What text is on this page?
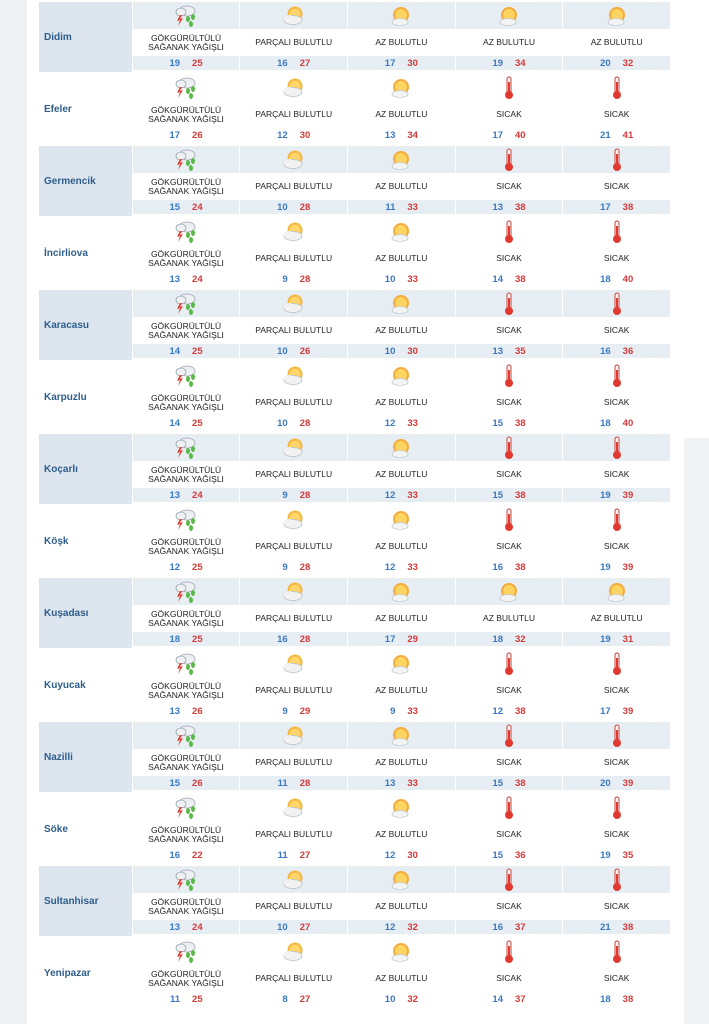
Didim	GÖKGÜRÜLTÜLÜ SAĞANAK YAĞIŞLI
19 25
PARÇALI BULUTLU
16 27
AZ BULUTLU
17 30
AZ BULUTLU
19 34
AZ BULUTLU
20 32
Efeler	GÖKGÜRÜLTÜLÜ SAĞANAK YAĞIŞLI
17 26
PARÇALI BULUTLU
12 30
AZ BULUTLU
13 34
SICAK
17 40
SICAK
21 41
Germencik	GÖKGÜRÜLTÜLÜ SAĞANAK YAĞIŞLI
15 24
PARÇALI BULUTLU
10 28
AZ BULUTLU
11 33
SICAK
13 38
SICAK
17 38
İncirliova	GÖKGÜRÜLTÜLÜ SAĞANAK YAĞIŞLI
13 24
PARÇALI BULUTLU
9 28
AZ BULUTLU
10 33
SICAK
14 38
SICAK
18 40
Karacasu	GÖKGÜRÜLTÜLÜ SAĞANAK YAĞIŞLI
14 25
PARÇALI BULUTLU
10 26
AZ BULUTLU
10 30
SICAK
13 35
SICAK
16 36
Karpuzlu	GÖKGÜRÜLTÜLÜ SAĞANAK YAĞIŞLI
14 25
PARÇALI BULUTLU
10 28
AZ BULUTLU
12 33
SICAK
15 38
SICAK
18 40
Koçarlı	GÖKGÜRÜLTÜLÜ SAĞANAK YAĞIŞLI
13 24
PARÇALI BULUTLU
9 28
AZ BULUTLU
12 33
SICAK
15 38
SICAK
19 39
Köşk	GÖKGÜRÜLTÜLÜ SAĞANAK YAĞIŞLI
12 25
PARÇALI BULUTLU
9 28
AZ BULUTLU
12 33
SICAK
16 38
SICAK
19 39
Kuşadası	GÖKGÜRÜLTÜLÜ SAĞANAK YAĞIŞLI
18 25
PARÇALI BULUTLU
16 28
AZ BULUTLU
17 29
AZ BULUTLU
18 32
AZ BULUTLU
19 31
Kuyucak	GÖKGÜRÜLTÜLÜ SAĞANAK YAĞIŞLI
13 26
PARÇALI BULUTLU
9 29
AZ BULUTLU
9 33
SICAK
12 38
SICAK
17 39
Nazilli	GÖKGÜRÜLTÜLÜ SAĞANAK YAĞIŞLI
15 26
PARÇALI BULUTLU
11 28
AZ BULUTLU
13 33
SICAK
15 38
SICAK
20 39
Söke	GÖKGÜRÜLTÜLÜ SAĞANAK YAĞIŞLI
16 22
PARÇALI BULUTLU
11 27
AZ BULUTLU
12 30
SICAK
15 36
SICAK
19 35
Sultanhisar	GÖKGÜRÜLTÜLÜ SAĞANAK YAĞIŞLI
13 24
PARÇALI BULUTLU
10 27
AZ BULUTLU
12 32
SICAK
16 37
SICAK
21 38
Yenipazar	GÖKGÜRÜLTÜLÜ SAĞANAK YAĞIŞLI
11 25
PARÇALI BULUTLU
8 27
AZ BULUTLU
10 32
SICAK
14 37
SICAK
18 38
